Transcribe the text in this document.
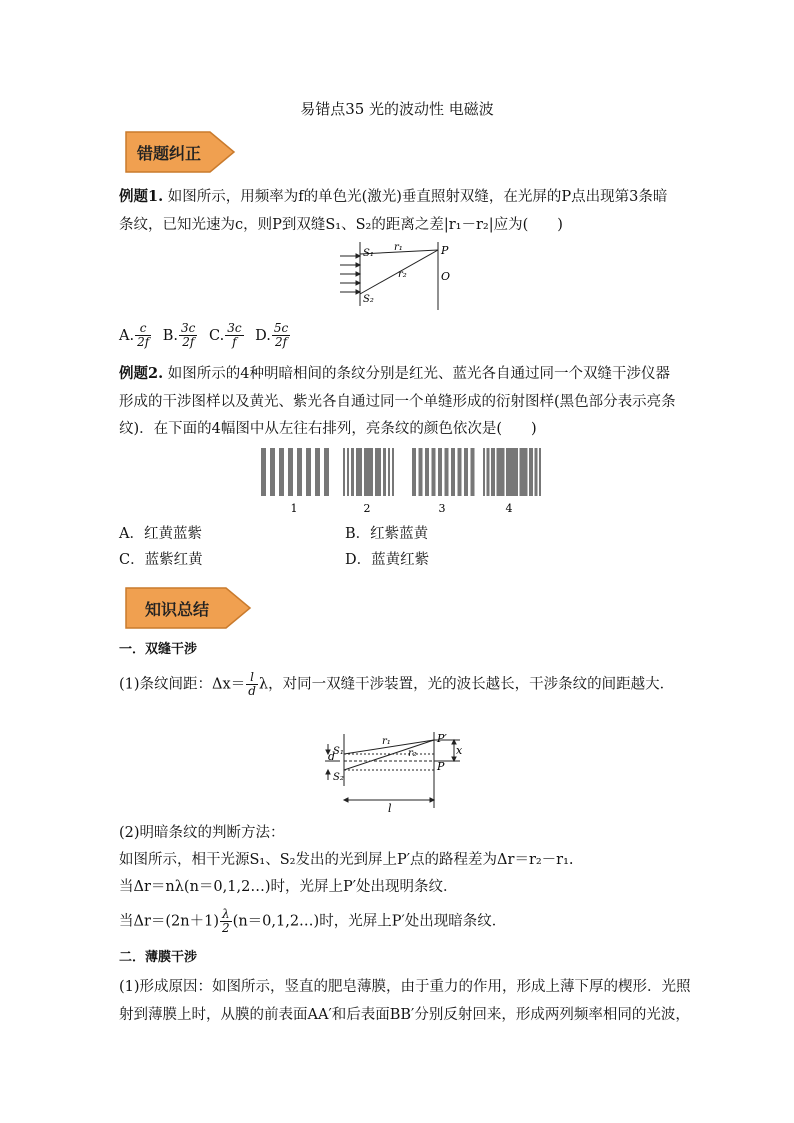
易错点35 光的波动性 电磁波
错题纠正
例题1. 如图所示，用频率为f的单色光(激光)垂直照射双缝，在光屏的P点出现第3条暗
条纹，已知光速为c，则P到双缝S₁、S₂的距离之差|r₁－r₂|应为(　　)
S₁
S₂
r₁
r₂
P
O
A. $\frac{c}{2f} B$. $\frac{3c}{2f} C$. $\frac{3c}{f} D$. $\frac{5c}{2f}$
例题2. 如图所示的4种明暗相间的条纹分别是红光、蓝光各自通过同一个双缝干涉仪器
形成的干涉图样以及黄光、紫光各自通过同一个单缝形成的衍射图样(黑色部分表示亮条
纹)．在下面的4幅图中从左往右排列，亮条纹的颜色依次是(　　)
1	2	3	4
A．红黄蓝紫	B．红紫蓝黄
C．蓝紫红黄	D．蓝黄红紫
知识总结
一．双缝干涉
(1)条纹间距：$\Delta x= \frac{l}{d}$ λ，对同一双缝干涉装置，光的波长越长，干涉条纹的间距越大．
S₁
d
S₂
r₁
r₂
P′
P
x
l
(2)明暗条纹的判断方法：
如图所示，相干光源S₁、S₂发出的光到屏上P′点的路程差为Δr＝r₂－r₁.
当Δr＝nλ(n＝0,1,2…)时，光屏上P′处出现明条纹．
当$\Delta r=(2n+1) \frac{\lambda}{2}$ (n＝0,1,2…)时，光屏上P′处出现暗条纹．
二．薄膜干涉
(1)形成原因：如图所示，竖直的肥皂薄膜，由于重力的作用，形成上薄下厚的楔形．光照
射到薄膜上时，从膜的前表面AA′和后表面BB′分别反射回来，形成两列频率相同的光波，
